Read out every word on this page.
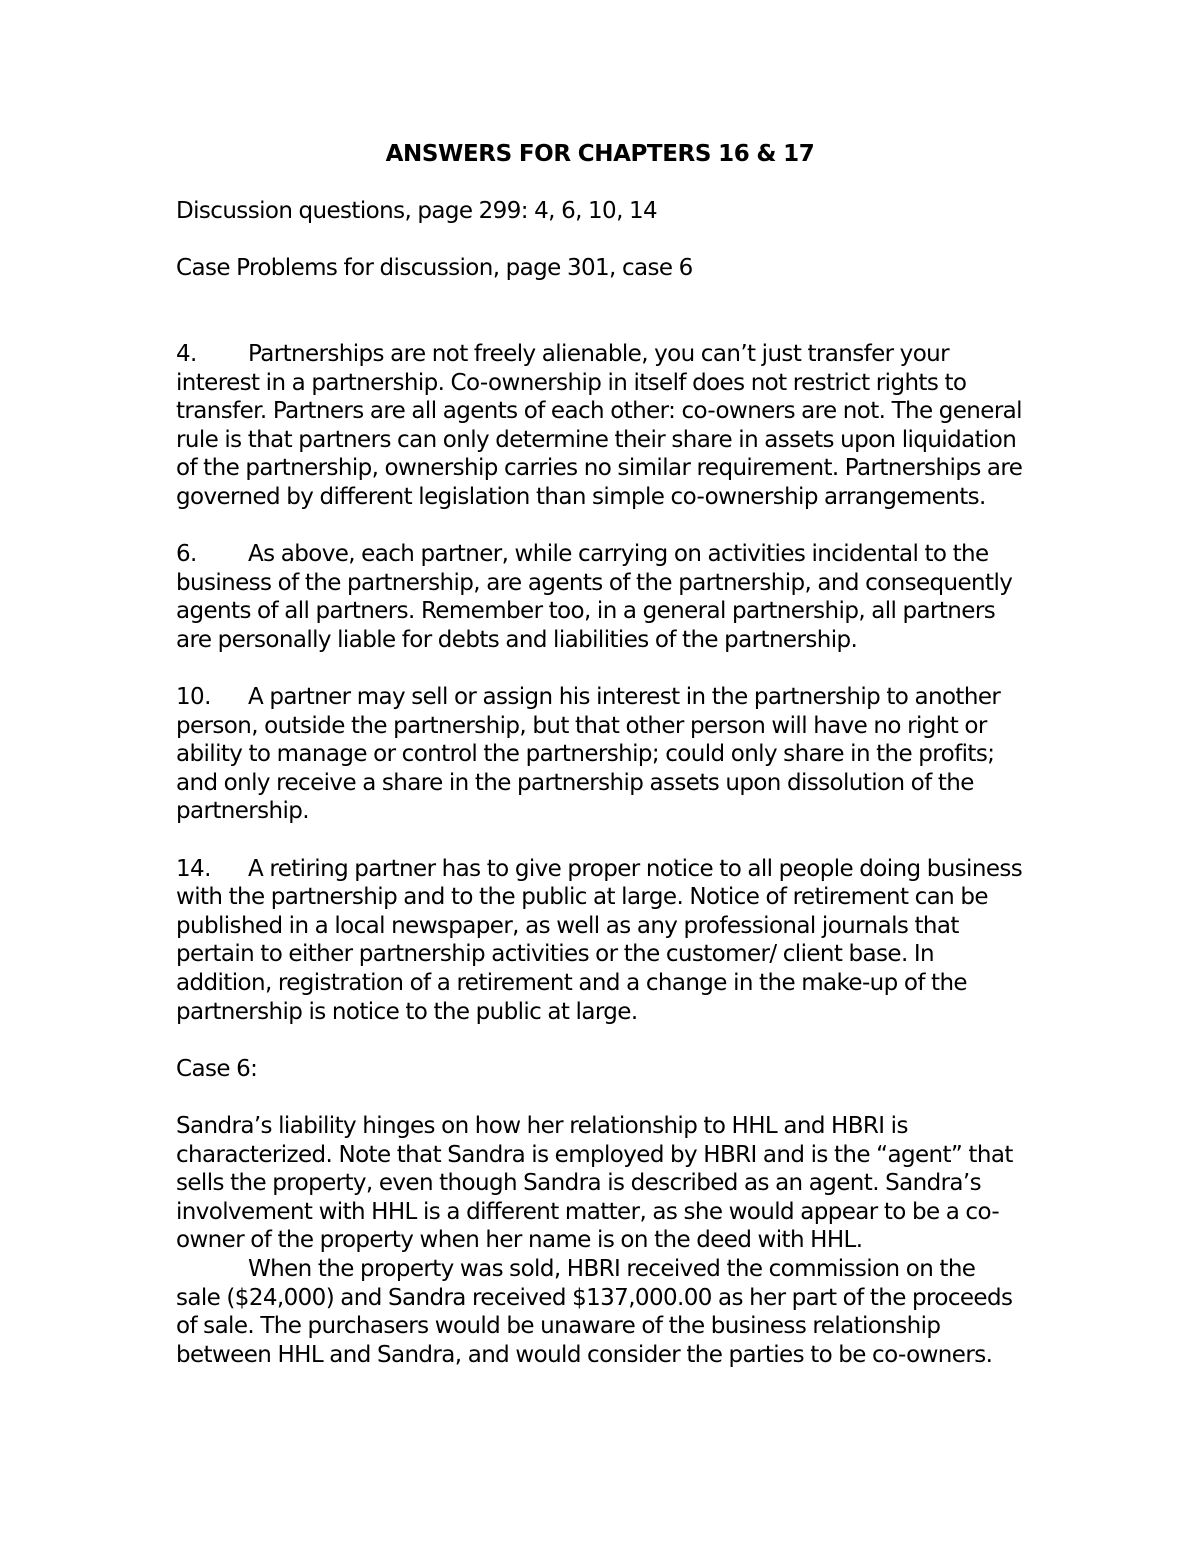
ANSWERS FOR CHAPTERS 16 & 17
Discussion questions, page 299: 4, 6, 10, 14
Case Problems for discussion, page 301, case 6
4. Partnerships are not freely alienable, you can’t just transfer your interest in a partnership. Co-ownership in itself does not restrict rights to transfer. Partners are all agents of each other: co-owners are not. The general rule is that partners can only determine their share in assets upon liquidation of the partnership, ownership carries no similar requirement. Partnerships are governed by different legislation than simple co-ownership arrangements.
6. As above, each partner, while carrying on activities incidental to the business of the partnership, are agents of the partnership, and consequently agents of all partners. Remember too, in a general partnership, all partners are personally liable for debts and liabilities of the partnership.
10. A partner may sell or assign his interest in the partnership to another person, outside the partnership, but that other person will have no right or ability to manage or control the partnership; could only share in the profits; and only receive a share in the partnership assets upon dissolution of the partnership.
14. A retiring partner has to give proper notice to all people doing business with the partnership and to the public at large. Notice of retirement can be published in a local newspaper, as well as any professional journals that pertain to either partnership activities or the customer/ client base. In addition, registration of a retirement and a change in the make-up of the partnership is notice to the public at large.
Case 6:

Sandra’s liability hinges on how her relationship to HHL and HBRI is characterized. Note that Sandra is employed by HBRI and is the “agent” that sells the property, even though Sandra is described as an agent. Sandra’s involvement with HHL is a different matter, as she would appear to be a co-owner of the property when her name is on the deed with HHL.

When the property was sold, HBRI received the commission on the sale ($24,000) and Sandra received $137,000.00 as her part of the proceeds of sale. The purchasers would be unaware of the business relationship between HHL and Sandra, and would consider the parties to be co-owners.
